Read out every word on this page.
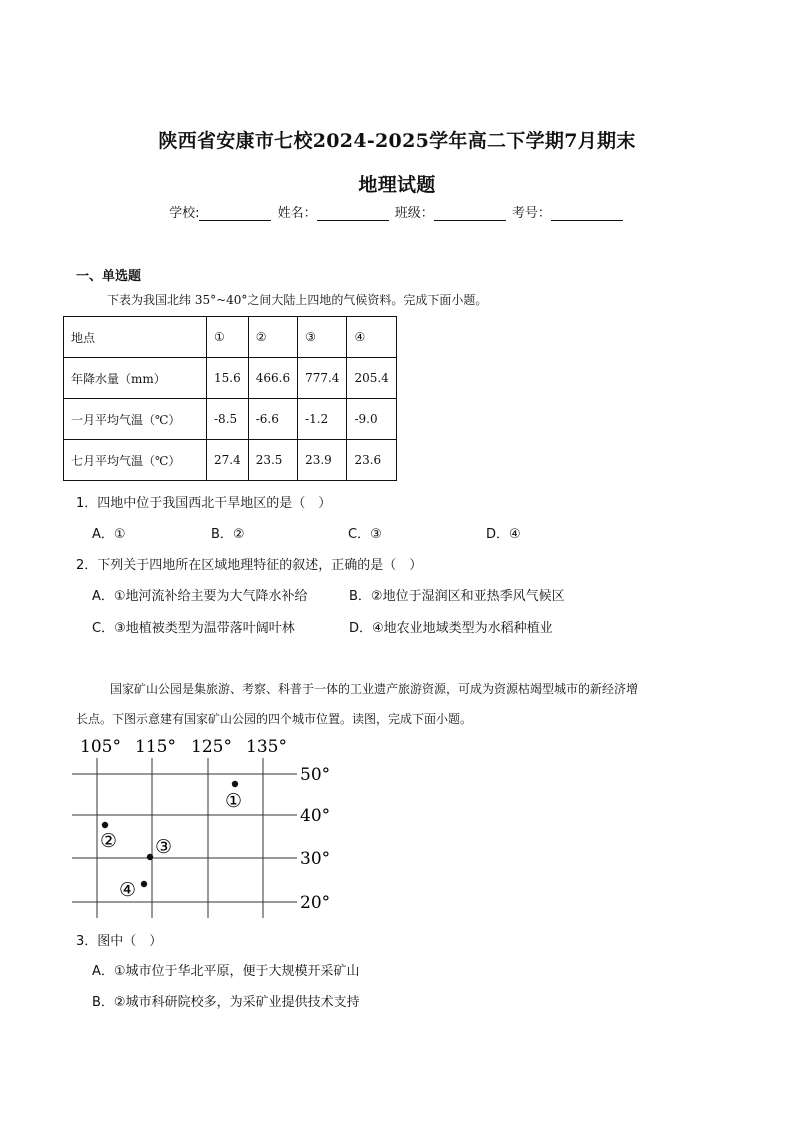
陕西省安康市七校2024-2025学年高二下学期7月期末
地理试题
学校:	姓名：	班级：	考号：
一、单选题
下表为我国北纬 35°~40°之间大陆上四地的气候资料。完成下面小题。
地点	①	②	③	④
年降水量（mm）	15.6	466.6	777.4	205.4
一月平均气温（℃）	-8.5	-6.6	-1.2	-9.0
七月平均气温（℃）	27.4	23.5	23.9	23.6
1．四地中位于我国西北干旱地区的是（　）
A．①	B．②	C．③	D．④
2．下列关于四地所在区域地理特征的叙述，正确的是（　）
A．①地河流补给主要为大气降水补给	B．②地位于湿润区和亚热季风气候区
C．③地植被类型为温带落叶阔叶林	D．④地农业地域类型为水稻种植业
国家矿山公园是集旅游、考察、科普于一体的工业遗产旅游资源，可成为资源枯竭型城市的新经济增
长点。下图示意建有国家矿山公园的四个城市位置。读图，完成下面小题。
105° 115° 125° 135°
50°
40°
30°
20°
①
② ③
④
3．图中（　）
A．①城市位于华北平原，便于大规模开采矿山
B．②城市科研院校多，为采矿业提供技术支持
